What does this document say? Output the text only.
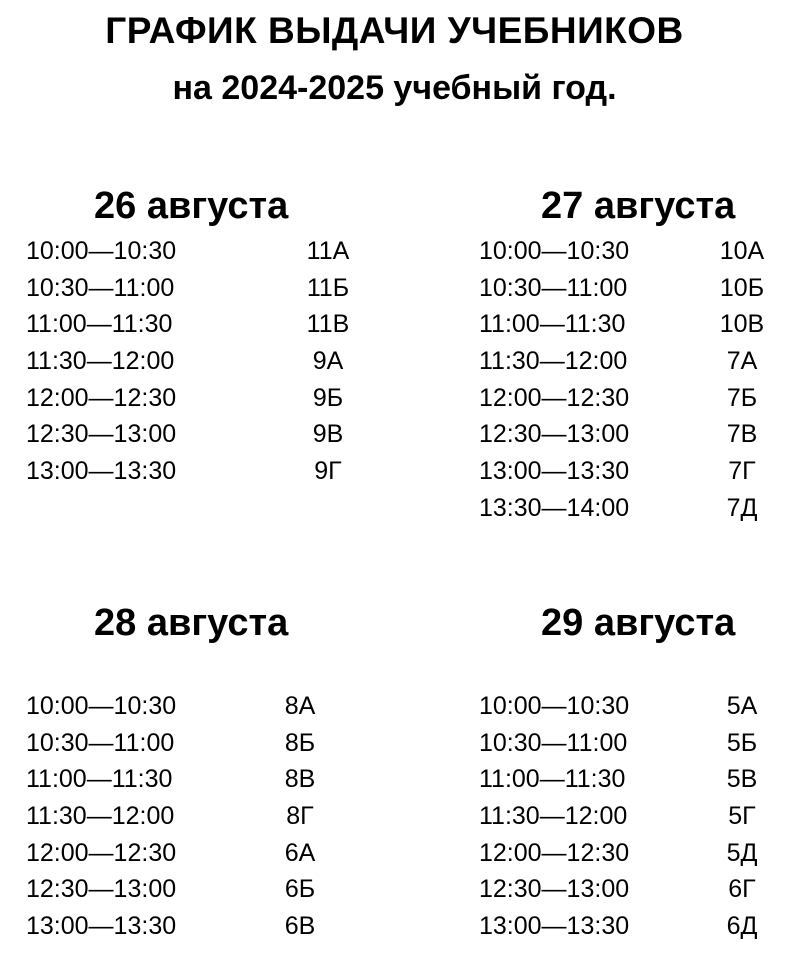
ГРАФИК ВЫДАЧИ УЧЕБНИКОВ
на 2024-2025 учебный год.
26 августа
10:00—10:30	11А
10:30—11:00	11Б
11:00—11:30	11В
11:30—12:00	9А
12:00—12:30	9Б
12:30—13:00	9В
13:00—13:30	9Г
27 августа
10:00—10:30	10А
10:30—11:00	10Б
11:00—11:30	10В
11:30—12:00	7А
12:00—12:30	7Б
12:30—13:00	7В
13:00—13:30	7Г
13:30—14:00	7Д
28 августа
10:00—10:30	8А
10:30—11:00	8Б
11:00—11:30	8В
11:30—12:00	8Г
12:00—12:30	6А
12:30—13:00	6Б
13:00—13:30	6В
29 августа
10:00—10:30	5А
10:30—11:00	5Б
11:00—11:30	5В
11:30—12:00	5Г
12:00—12:30	5Д
12:30—13:00	6Г
13:00—13:30	6Д
